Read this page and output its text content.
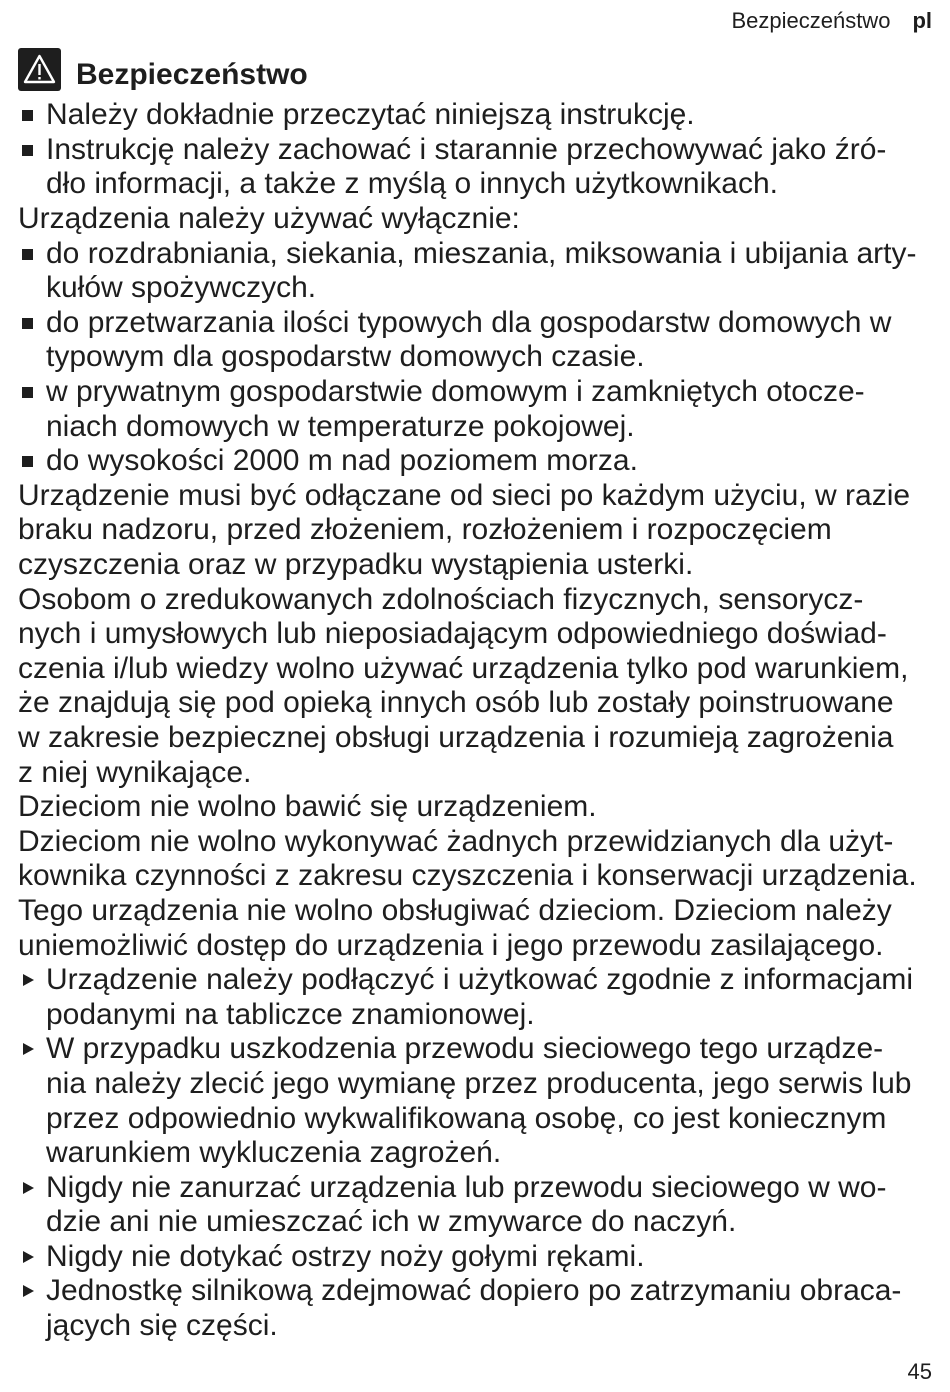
Bezpieczeństwo pl
Bezpieczeństwo
Należy dokładnie przeczytać niniejszą instrukcję.
Instrukcję należy zachować i starannie przechowywać jako źró-
dło informacji, a także z myślą o innych użytkownikach.
Urządzenia należy używać wyłącznie:
do rozdrabniania, siekania, mieszania, miksowania i ubijania arty-
kułów spożywczych.
do przetwarzania ilości typowych dla gospodarstw domowych w
typowym dla gospodarstw domowych czasie.
w prywatnym gospodarstwie domowym i zamkniętych otocze-
niach domowych w temperaturze pokojowej.
do wysokości 2000 m nad poziomem morza.
Urządzenie musi być odłączane od sieci po każdym użyciu, w razie
braku nadzoru, przed złożeniem, rozłożeniem i rozpoczęciem
czyszczenia oraz w przypadku wystąpienia usterki.
Osobom o zredukowanych zdolnościach fizycznych, sensorycz-
nych i umysłowych lub nieposiadającym odpowiedniego doświad-
czenia i/lub wiedzy wolno używać urządzenia tylko pod warunkiem,
że znajdują się pod opieką innych osób lub zostały poinstruowane
w zakresie bezpiecznej obsługi urządzenia i rozumieją zagrożenia
z niej wynikające.
Dzieciom nie wolno bawić się urządzeniem.
Dzieciom nie wolno wykonywać żadnych przewidzianych dla użyt-
kownika czynności z zakresu czyszczenia i konserwacji urządzenia.
Tego urządzenia nie wolno obsługiwać dzieciom. Dzieciom należy
uniemożliwić dostęp do urządzenia i jego przewodu zasilającego.
Urządzenie należy podłączyć i użytkować zgodnie z informacjami
podanymi na tabliczce znamionowej.
W przypadku uszkodzenia przewodu sieciowego tego urządze-
nia należy zlecić jego wymianę przez producenta, jego serwis lub
przez odpowiednio wykwalifikowaną osobę, co jest koniecznym
warunkiem wykluczenia zagrożeń.
Nigdy nie zanurzać urządzenia lub przewodu sieciowego w wo-
dzie ani nie umieszczać ich w zmywarce do naczyń.
Nigdy nie dotykać ostrzy noży gołymi rękami.
Jednostkę silnikową zdejmować dopiero po zatrzymaniu obraca-
jących się części.
45
